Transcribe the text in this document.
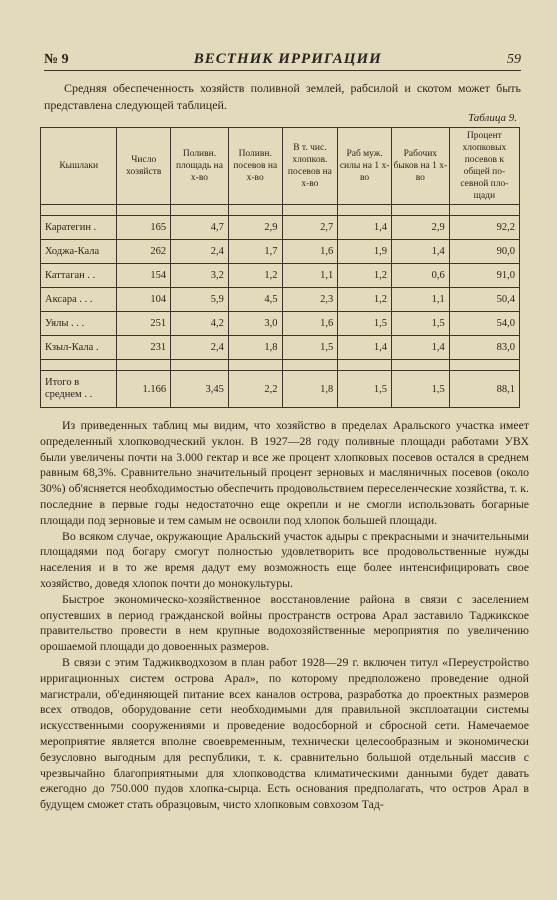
№ 9	ВЕСТНИК ИРРИГАЦИИ	59
Средняя обеспеченность хозяйств поливной землей, рабсилой и скотом может быть представлена следующей таблицей.
Таблица 9.
Кышлаки	Число хозяйств	Поливн. площадь на х-во	Поливн. посевов на х-во	В т. чис. хлопков. посевов на х-во	Раб муж. силы на 1 х-во	Рабочих быков на 1 х-во	Процент хлопковых посевов к общей по-севной пло-щади

Каратегин .	165	4,7	2,9	2,7	1,4	2,9	92,2
Ходжа-Кала	262	2,4	1,7	1,6	1,9	1,4	90,0
Каттаган . .	154	3,2	1,2	1,1	1,2	0,6	91,0
Аксара . . .	104	5,9	4,5	2,3	1,2	1,1	50,4
Уялы . . .	251	4,2	3,0	1,6	1,5	1,5	54,0
Кзыл-Кала .	231	2,4	1,8	1,5	1,4	1,4	83,0

Итого в среднем . .	1.166	3,45	2,2	1,8	1,5	1,5	88,1

Из приведенных таблиц мы видим, что хозяйство в пределах Аральского участка имеет определенный хлопководческий уклон. В 1927—28 году поливные площади работами УВХ были увеличены почти на 3.000 гектар и все же процент хлопковых посевов остался в среднем равным 68,3%. Сравнительно значительный процент зерновых и масляничных посевов (около 30%) об'ясняется необходимостью обеспечить продовольствием переселенческие хозяйства, т. к. последние в первые годы недостаточно еще окрепли и не смогли использовать богарные площади под зерновые и тем самым не освоили под хлопок большей площади.

Во всяком случае, окружающие Аральский участок адыры с прекрасными и значительными площадями под богару смогут полностью удовлетворить все продовольственные нужды населения и в то же время дадут ему возможность еще более интенсифицировать свое хозяйство, доведя хлопок почти до монокультуры.

Быстрое экономическо-хозяйственное восстановление района в связи с заселением опустевших в период гражданской войны пространств острова Арал заставило Таджикское правительство провести в нем крупные водохозяйственные мероприятия по увеличению орошаемой площади до довоенных размеров.

В связи с этим Таджикводхозом в план работ 1928—29 г. включен титул «Переустройство ирригационных систем острова Арал», по которому предположено проведение одной магистрали, об'единяющей питание всех каналов острова, разработка до проектных размеров всех отводов, оборудование сети необходимыми для правильной эксплоатации системы искусственными сооружениями и проведение водосборной и сбросной сети. Намечаемое мероприятие является вполне своевременным, технически целесообразным и экономически безусловно выгодным для республики, т. к. сравнительно большой отдельный массив с чрезвычайно благоприятными для хлопководства климатическими данными будет давать ежегодно до 750.000 пудов хлопка-сырца. Есть основания предполагать, что остров Арал в будущем сможет стать образцовым, чисто хлопковым совхозом Тад-
